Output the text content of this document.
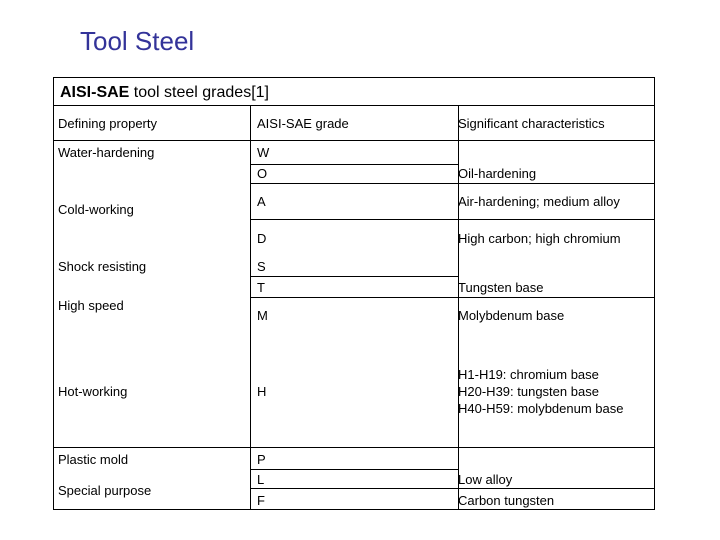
Tool Steel
AISI-SAE tool steel grades[1]
Defining property	AISI-SAE grade	Significant characteristics
Water-hardening
Cold-working
Shock resisting
High speed
Hot-working
Plastic mold
Special purpose
W
O
A
D
S
T
M
H
P
L
F
Oil-hardening
Air-hardening; medium alloy
High carbon; high chromium
Tungsten base
Molybdenum base
H1-H19: chromium base
H20-H39: tungsten base
H40-H59: molybdenum base
Low alloy
Carbon tungsten
